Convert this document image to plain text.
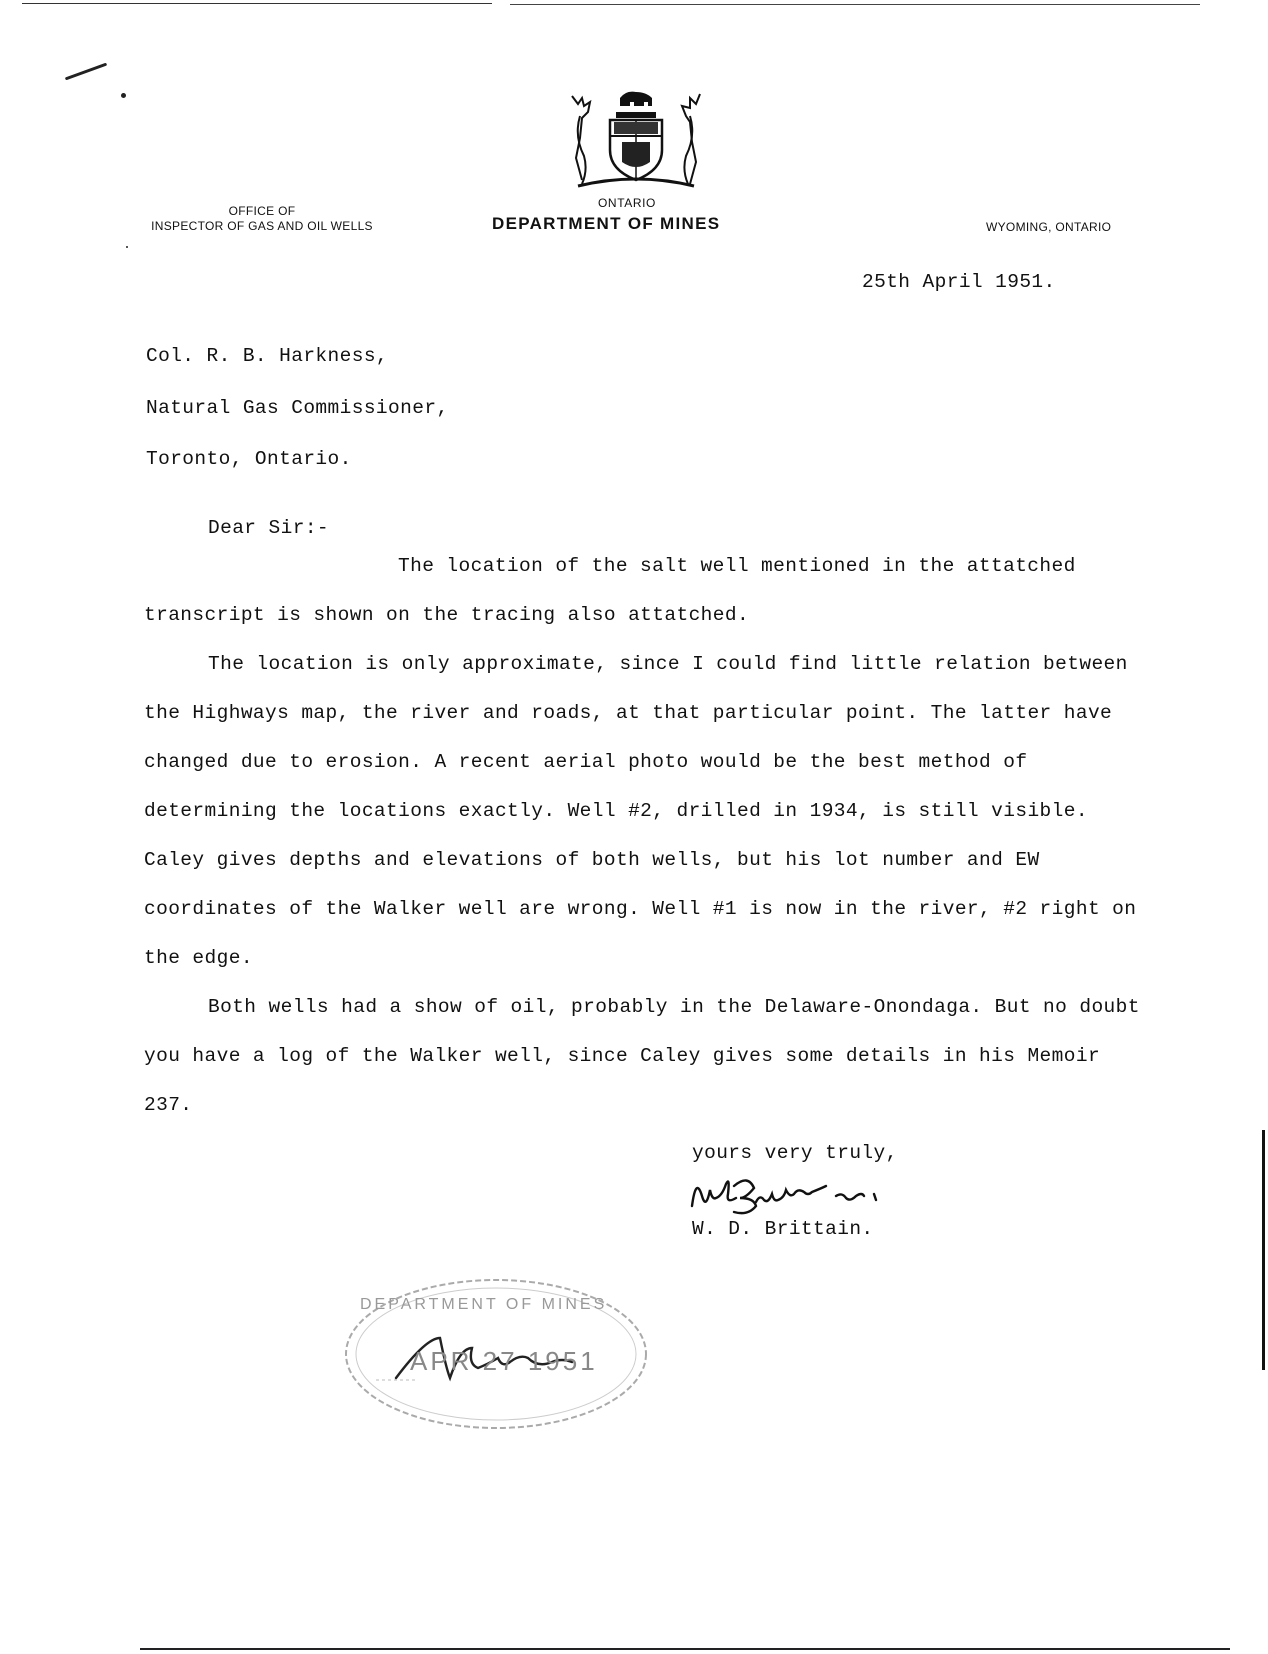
OFFICE OF
INSPECTOR OF GAS AND OIL WELLS
ONTARIO
DEPARTMENT OF MINES	WYOMING, ONTARIO
25th April 1951.
Col. R. B. Harkness,
Natural Gas Commissioner,
Toronto, Ontario.
Dear Sir:-

The location of the salt well mentioned in the attatched transcript is shown on the tracing also attatched.

The location is only approximate, since I could find little relation between the Highways map, the river and roads, at that particular point. The latter have changed due to erosion. A recent aerial photo would be the best method of determining the locations exactly. Well #2, drilled in 1934, is still visible. Caley gives depths and elevations of both wells, but his lot number and EW coordinates of the Walker well are wrong. Well #1 is now in the river, #2 right on the edge.

Both wells had a show of oil, probably in the Delaware-Onondaga. But no doubt you have a log of the Walker well, since Caley gives some details in his Memoir 237.

yours very truly,
W. D. Brittain.
DEPARTMENT OF MINES
APR 27 1951
